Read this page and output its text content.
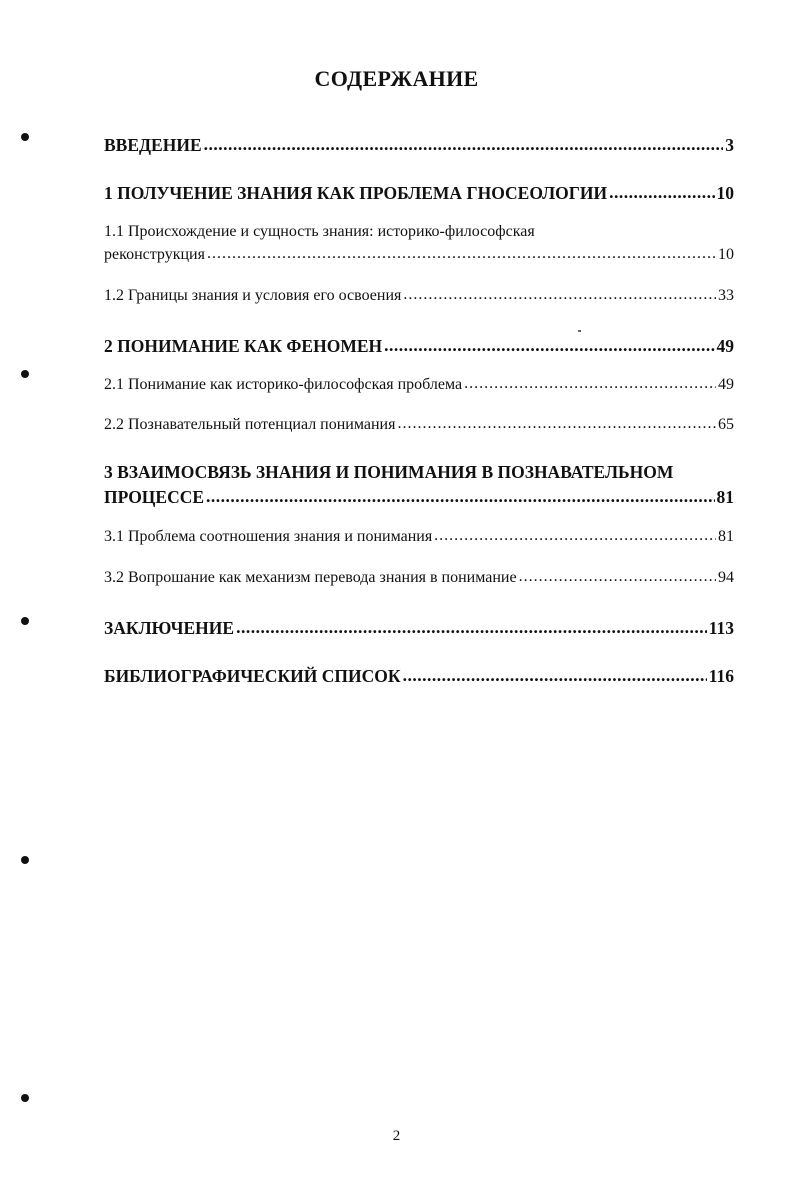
СОДЕРЖАНИЕ
ВВЕДЕНИЕ .....	3
1 ПОЛУЧЕНИЕ ЗНАНИЯ КАК ПРОБЛЕМА ГНОСЕОЛОГИИ .....	10
1.1 Происхождение и сущность знания: историко-философская
реконструкция .....	10
1.2 Границы знания и условия его освоения .....	33
2 ПОНИМАНИЕ КАК ФЕНОМЕН .....	49
2.1 Понимание как историко-философская проблема .....	49
2.2 Познавательный потенциал понимания .....	65
3 ВЗАИМОСВЯЗЬ ЗНАНИЯ И ПОНИМАНИЯ В ПОЗНАВАТЕЛЬНОМ
ПРОЦЕССЕ .....	81
3.1 Проблема соотношения знания и понимания .....	81
3.2 Вопрошание как механизм перевода знания в понимание .....	94
ЗАКЛЮЧЕНИЕ .....	113
БИБЛИОГРАФИЧЕСКИЙ СПИСОК .....	116
2
